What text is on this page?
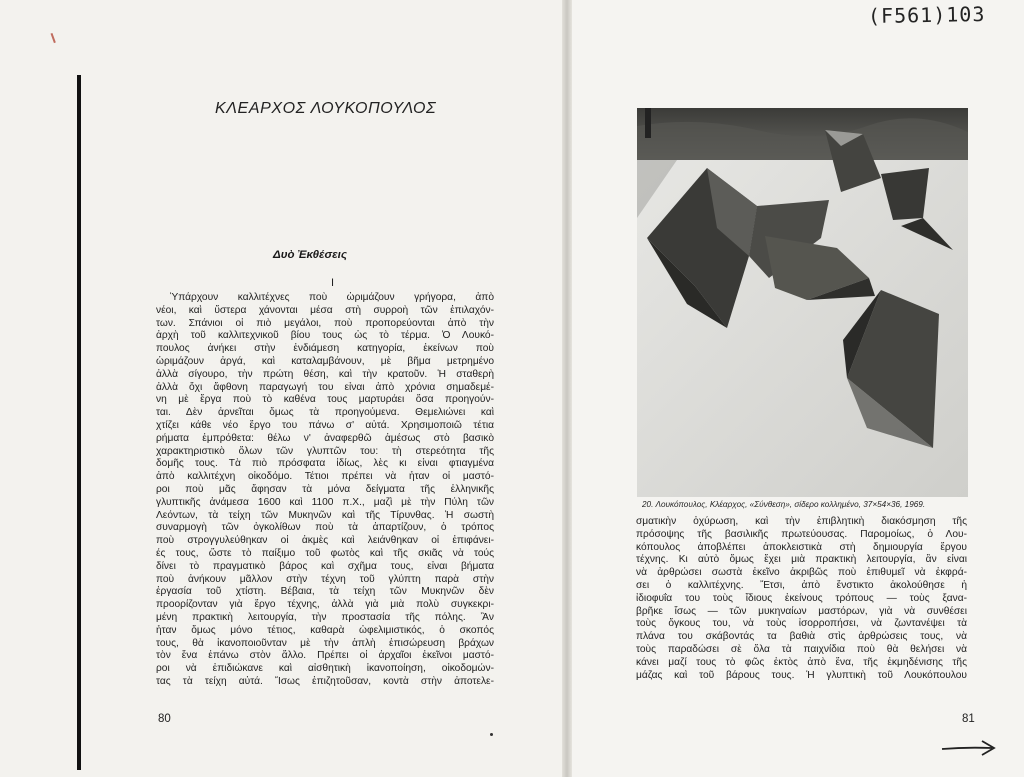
(F561)103
ΚΛΕΑΡΧΟΣ ΛΟΥΚΟΠΟΥΛΟΣ
Δυὸ Ἐκθέσεις
I
Ὑπάρχουν καλλιτέχνες ποὺ ὡριμάζουν γρήγορα, ἀπὸ
νέοι, καὶ ὕστερα χάνονται μέσα στὴ συρροὴ τῶν ἐπιλαχόν-
των. Σπάνιοι οἱ πιὸ μεγάλοι, ποὺ προπορεύονται ἀπὸ τὴν
ἀρχὴ τοῦ καλλιτεχνικοῦ βίου τους ὡς τὸ τέρμα. Ὁ Λουκό-
πουλος ἀνήκει στὴν ἐνδιάμεση κατηγορία, ἐκείνων ποὺ
ὡριμάζουν ἀργά, καὶ καταλαμβάνουν, μὲ βῆμα μετρημένο
ἀλλὰ σίγουρο, τὴν πρώτη θέση, καὶ τὴν κρατοῦν. Ἡ σταθερὴ
ἀλλὰ ὄχι ἄφθονη παραγωγή του εἶναι ἀπὸ χρόνια σημαδεμέ-
νη μὲ ἔργα ποὺ τὸ καθένα τους μαρτυράει ὅσα προηγούν-
ται. Δὲν ἀρνεῖται ὅμως τὰ προηγούμενα. Θεμελιώνει καὶ
χτίζει κάθε νέο ἔργο του πάνω σ' αὐτά. Χρησιμοποιῶ τέτια
ρήματα ἐμπρόθετα: θέλω ν' ἀναφερθῶ ἀμέσως στὸ βασικὸ
χαρακτηριστικὸ ὅλων τῶν γλυπτῶν του: τὴ στερεότητα τῆς
δομῆς τους. Τὰ πιὸ πρόσφατα ἰδίως, λὲς κι εἶναι φτιαγμένα
ἀπὸ καλλιτέχνη οἰκοδόμο. Τέτιοι πρέπει νὰ ἦταν οἱ μαστό-
ροι ποὺ μᾶς ἄφησαν τὰ μόνα δείγματα τῆς ἑλληνικῆς
γλυπτικῆς ἀνάμεσα 1600 καὶ 1100 π.Χ., μαζὶ μὲ τὴν Πύλη τῶν
Λεόντων, τὰ τείχη τῶν Μυκηνῶν καὶ τῆς Τίρυνθας. Ἡ σωστὴ
συναρμογὴ τῶν ὀγκολίθων ποὺ τὰ ἀπαρτίζουν, ὁ τρόπος
ποὺ στρογγυλεύθηκαν οἱ ἀκμὲς καὶ λειάνθηκαν οἱ ἐπιφάνει-
ές τους, ὥστε τὸ παίξιμο τοῦ φωτὸς καὶ τῆς σκιᾶς νὰ τούς
δίνει τὸ πραγματικὸ βάρος καὶ σχῆμα τους, εἶναι βήματα
ποὺ ἀνήκουν μᾶλλον στὴν τέχνη τοῦ γλύπτη παρὰ στὴν
ἐργασία τοῦ χτίστη. Βέβαια, τὰ τείχη τῶν Μυκηνῶν δὲν
προορίζονταν γιὰ ἔργο τέχνης, ἀλλὰ γιὰ μιὰ πολὺ συγκεκρι-
μένη πρακτικὴ λειτουργία, τὴν προστασία τῆς πόλης. Ἂν
ἦταν ὅμως μόνο τέτιος, καθαρὰ ὠφελιμιστικός, ὁ σκοπός
τους, θὰ ἱκανοποιοῦνταν μὲ τὴν ἁπλὴ ἐπισώρευση βράχων
τὸν ἕνα ἐπάνω στὸν ἄλλο. Πρέπει οἱ ἀρχαῖοι ἐκεῖνοι μαστό-
ροι νὰ ἐπιδιώκανε καὶ αἰσθητικὴ ἱκανοποίηση, οἰκοδομών-
τας τὰ τείχη αὐτά. Ἴσως ἐπιζητοῦσαν, κοντὰ στὴν ἀποτελε-
80
20. Λουκόπουλος, Κλέαρχος, «Σύνθεση», σίδερο κολλημένο, 37×54×36, 1969.
σματικὴν ὀχύρωση, καὶ τὴν ἐπιβλητικὴ διακόσμηση τῆς
πρόσοψης τῆς βασιλικῆς πρωτεύουσας. Παρομοίως, ὁ Λου-
κόπουλος ἀποβλέπει ἀποκλειστικὰ στὴ δημιουργία ἔργου
τέχνης. Κι αὐτὸ ὅμως ἔχει μιὰ πρακτικὴ λειτουργία, ἂν εἶναι
νὰ ἀρθρώσει σωστὰ ἐκεῖνο ἀκριβῶς ποὺ ἐπιθυμεῖ νὰ ἐκφρά-
σει ὁ καλλιτέχνης. Ἔτσι, ἀπὸ ἔνστικτο ἀκολούθησε ἡ
ἰδιοφυΐα του τοὺς ἴδιους ἐκείνους τρόπους — τοὺς ξανα-
βρῆκε ἴσως — τῶν μυκηναίων μαστόρων, γιὰ νὰ συνθέσει
τοὺς ὄγκους του, νὰ τοὺς ἰσορροπήσει, νὰ ζωντανέψει τὰ
πλάνα του σκάβοντάς τα βαθιὰ στὶς ἀρθρώσεις τους, νὰ
τοὺς παραδώσει σὲ ὅλα τὰ παιχνίδια ποὺ θὰ θελήσει νὰ
κάνει μαζί τους τὸ φῶς ἐκτὸς ἀπὸ ἕνα, τῆς ἐκμηδένισης τῆς
μάζας καὶ τοῦ βάρους τους. Ἡ γλυπτικὴ τοῦ Λουκόπουλου
81
